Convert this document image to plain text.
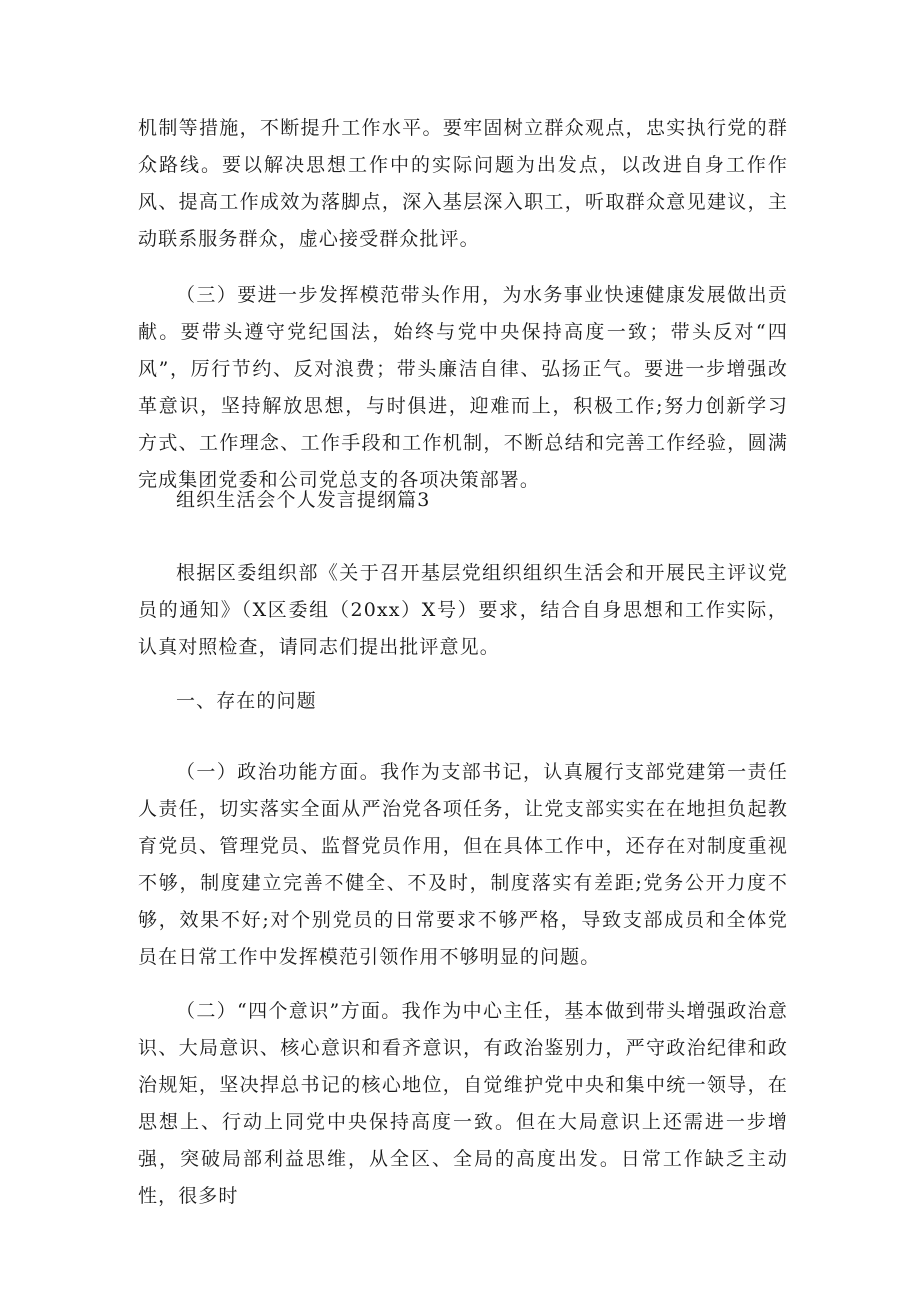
机制等措施，不断提升工作水平。要牢固树立群众观点，忠实执行党的群众路线。要以解决思想工作中的实际问题为出发点，以改进自身工作作风、提高工作成效为落脚点，深入基层深入职工，听取群众意见建议，主动联系服务群众，虚心接受群众批评。

（三）要进一步发挥模范带头作用，为水务事业快速健康发展做出贡献。要带头遵守党纪国法，始终与党中央保持高度一致；带头反对“四风”，厉行节约、反对浪费；带头廉洁自律、弘扬正气。要进一步增强改革意识，坚持解放思想，与时俱进，迎难而上，积极工作;努力创新学习方式、工作理念、工作手段和工作机制，不断总结和完善工作经验，圆满完成集团党委和公司党总支的各项决策部署。

组织生活会个人发言提纲篇3

根据区委组织部《关于召开基层党组织组织生活会和开展民主评议党员的通知》（X区委组（20xx）X号）要求，结合自身思想和工作实际，认真对照检查，请同志们提出批评意见。

一、存在的问题

（一）政治功能方面。我作为支部书记，认真履行支部党建第一责任人责任，切实落实全面从严治党各项任务，让党支部实实在在地担负起教育党员、管理党员、监督党员作用，但在具体工作中，还存在对制度重视不够，制度建立完善不健全、不及时，制度落实有差距;党务公开力度不够，效果不好;对个别党员的日常要求不够严格，导致支部成员和全体党员在日常工作中发挥模范引领作用不够明显的问题。

（二）“四个意识”方面。我作为中心主任，基本做到带头增强政治意识、大局意识、核心意识和看齐意识，有政治鉴别力，严守政治纪律和政治规矩，坚决捍总书记的核心地位，自觉维护党中央和集中统一领导，在思想上、行动上同党中央保持高度一致。但在大局意识上还需进一步增强，突破局部利益思维，从全区、全局的高度出发。日常工作缺乏主动性，很多时
